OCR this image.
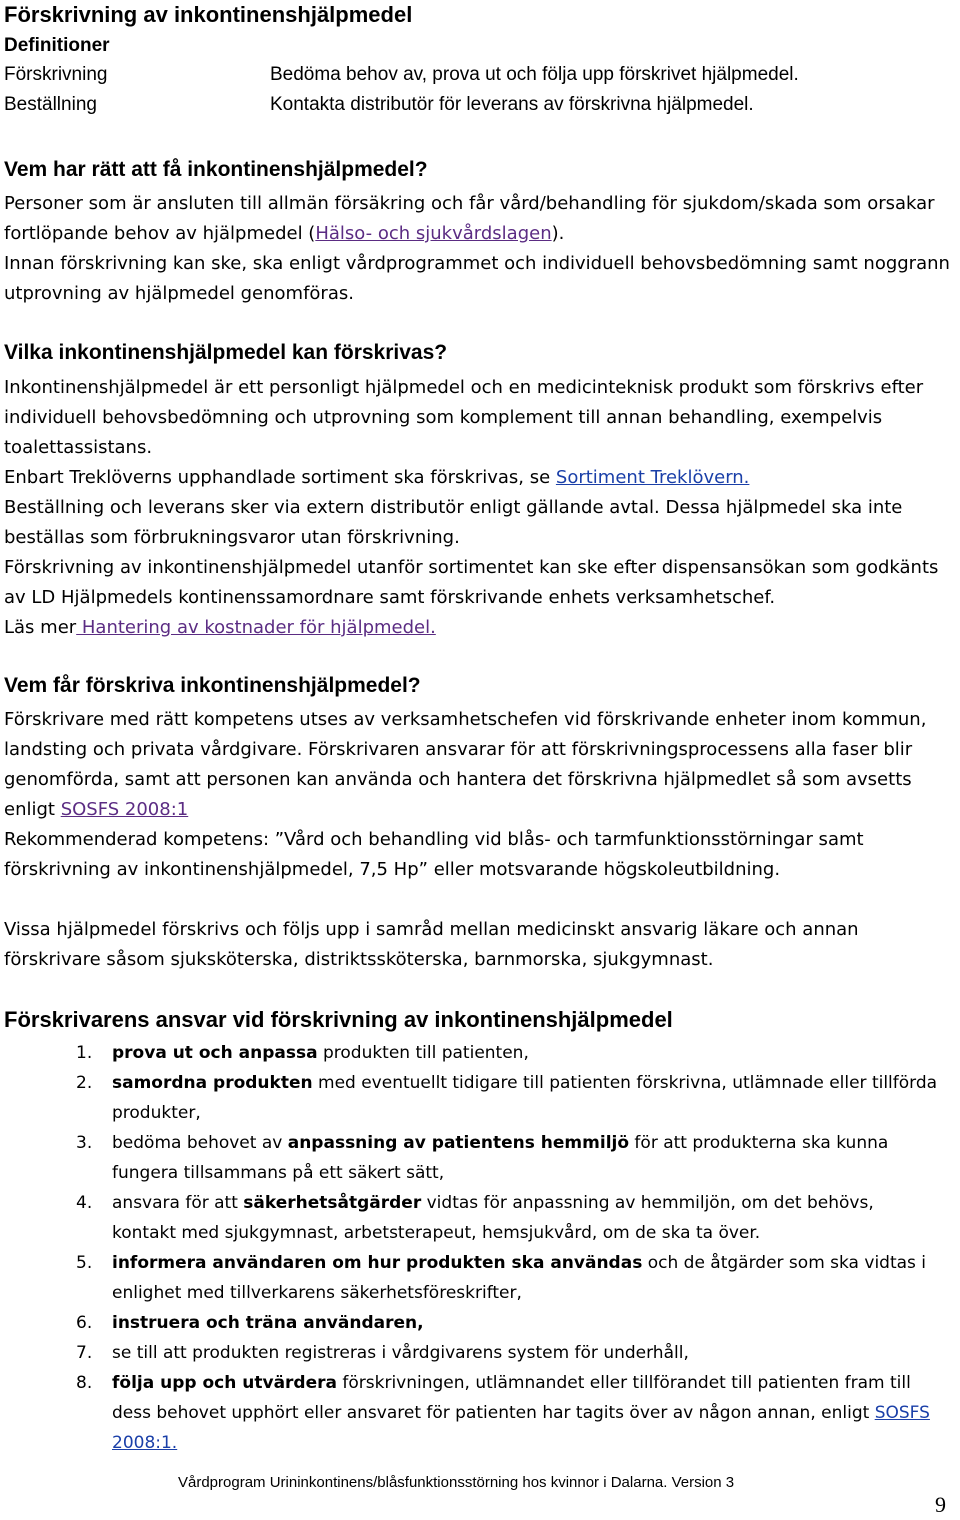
Förskrivning av inkontinenshjälpmedel
Definitioner
Förskrivning	Bedöma behov av, prova ut och följa upp förskrivet hjälpmedel.
Beställning	Kontakta distributör för leverans av förskrivna hjälpmedel.
Vem har rätt att få inkontinenshjälpmedel?
Personer som är ansluten till allmän försäkring och får vård/behandling för sjukdom/skada som orsakar fortlöpande behov av hjälpmedel (Hälso- och sjukvårdslagen).
Innan förskrivning kan ske, ska enligt vårdprogrammet och individuell behovsbedömning samt noggrann utprovning av hjälpmedel genomföras.
Vilka inkontinenshjälpmedel kan förskrivas?
Inkontinenshjälpmedel är ett personligt hjälpmedel och en medicinteknisk produkt som förskrivs efter individuell behovsbedömning och utprovning som komplement till annan behandling, exempelvis toalettassistans.
Enbart Treklöverns upphandlade sortiment ska förskrivas, se Sortiment Treklövern.
Beställning och leverans sker via extern distributör enligt gällande avtal. Dessa hjälpmedel ska inte beställas som förbrukningsvaror utan förskrivning.
Förskrivning av inkontinenshjälpmedel utanför sortimentet kan ske efter dispensansökan som godkänts av LD Hjälpmedels kontinenssamordnare samt förskrivande enhets verksamhetschef.
Läs mer Hantering av kostnader för hjälpmedel.
Vem får förskriva inkontinenshjälpmedel?
Förskrivare med rätt kompetens utses av verksamhetschefen vid förskrivande enheter inom kommun, landsting och privata vårdgivare. Förskrivaren ansvarar för att förskrivningsprocessens alla faser blir genomförda, samt att personen kan använda och hantera det förskrivna hjälpmedlet så som avsetts enligt SOSFS 2008:1
Rekommenderad kompetens: ”Vård och behandling vid blås- och tarmfunktionsstörningar samt förskrivning av inkontinenshjälpmedel, 7,5 Hp” eller motsvarande högskoleutbildning.
Vissa hjälpmedel förskrivs och följs upp i samråd mellan medicinskt ansvarig läkare och annan förskrivare såsom sjuksköterska, distriktssköterska, barnmorska, sjukgymnast.
Förskrivarens ansvar vid förskrivning av inkontinenshjälpmedel
1. prova ut och anpassa produkten till patienten,
2. samordna produkten med eventuellt tidigare till patienten förskrivna, utlämnade eller tillförda produkter,
3. bedöma behovet av anpassning av patientens hemmiljö för att produkterna ska kunna fungera tillsammans på ett säkert sätt,
4. ansvara för att säkerhetsåtgärder vidtas för anpassning av hemmiljön, om det behövs, kontakt med sjukgymnast, arbetsterapeut, hemsjukvård, om de ska ta över.
5. informera användaren om hur produkten ska användas och de åtgärder som ska vidtas i enlighet med tillverkarens säkerhetsföreskrifter,
6. instruera och träna användaren,
7. se till att produkten registreras i vårdgivarens system för underhåll,
8. följa upp och utvärdera förskrivningen, utlämnandet eller tillförandet till patienten fram till dess behovet upphört eller ansvaret för patienten har tagits över av någon annan, enligt SOSFS 2008:1.
Vårdprogram Urininkontinens/blåsfunktionsstörning hos kvinnor i Dalarna. Version 3
9
